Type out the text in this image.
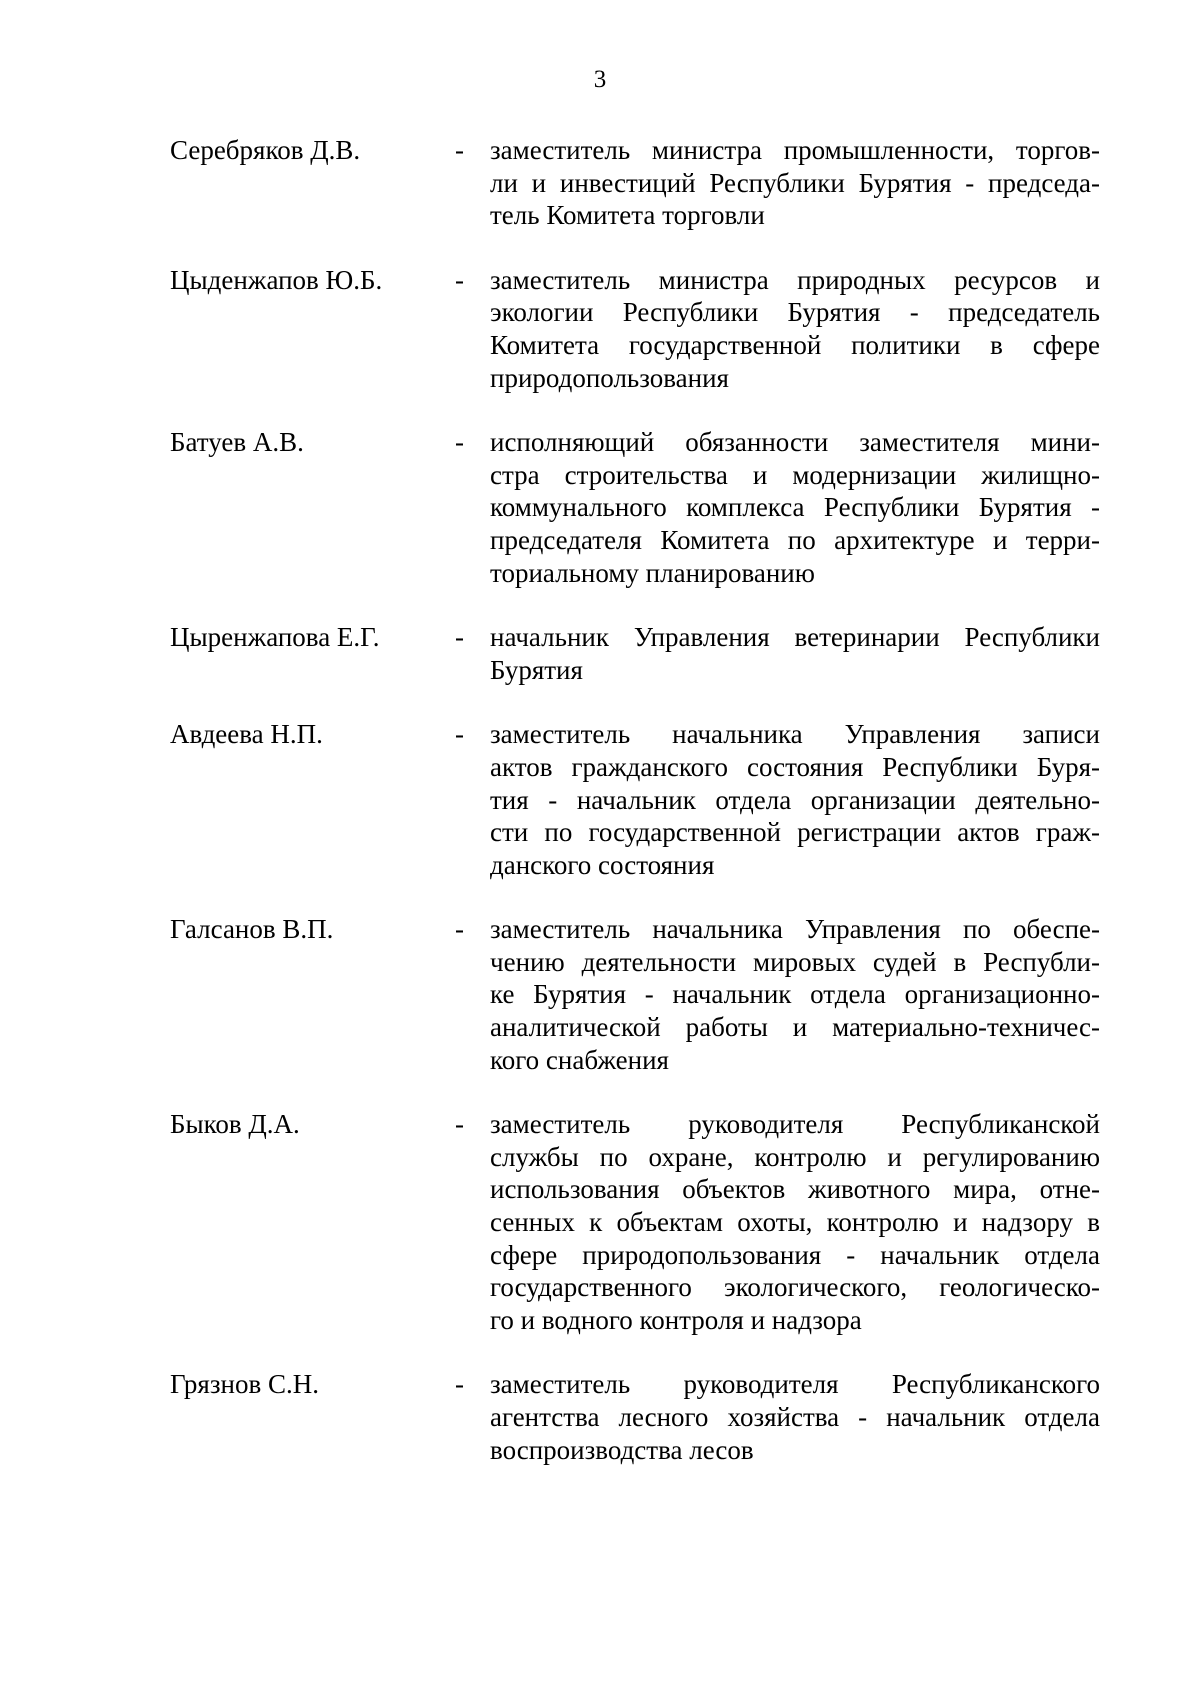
3
Серебряков Д.В.	- заместитель министра промышленности, торгов-
ли и инвестиций Республики Бурятия - председа-
тель Комитета торговли
Цыденжапов Ю.Б.	- заместитель министра природных ресурсов и
экологии Республики Бурятия - председатель
Комитета государственной политики в сфере
природопользования
Батуев А.В.	- исполняющий обязанности заместителя мини-
стра строительства и модернизации жилищно-
коммунального комплекса Республики Бурятия -
председателя Комитета по архитектуре и терри-
ториальному планированию
Цыренжапова Е.Г.	- начальник Управления ветеринарии Республики
Бурятия
Авдеева Н.П.	- заместитель начальника Управления записи
актов гражданского состояния Республики Буря-
тия - начальник отдела организации деятельно-
сти по государственной регистрации актов граж-
данского состояния
Галсанов В.П.	- заместитель начальника Управления по обеспе-
чению деятельности мировых судей в Республи-
ке Бурятия - начальник отдела организационно-
аналитической работы и материально-техничес-
кого снабжения
Быков Д.А.	- заместитель руководителя Республиканской
службы по охране, контролю и регулированию
использования объектов животного мира, отне-
сенных к объектам охоты, контролю и надзору в
сфере природопользования - начальник отдела
государственного экологического, геологическо-
го и водного контроля и надзора
Грязнов С.Н.	- заместитель руководителя Республиканского
агентства лесного хозяйства - начальник отдела
воспроизводства лесов
